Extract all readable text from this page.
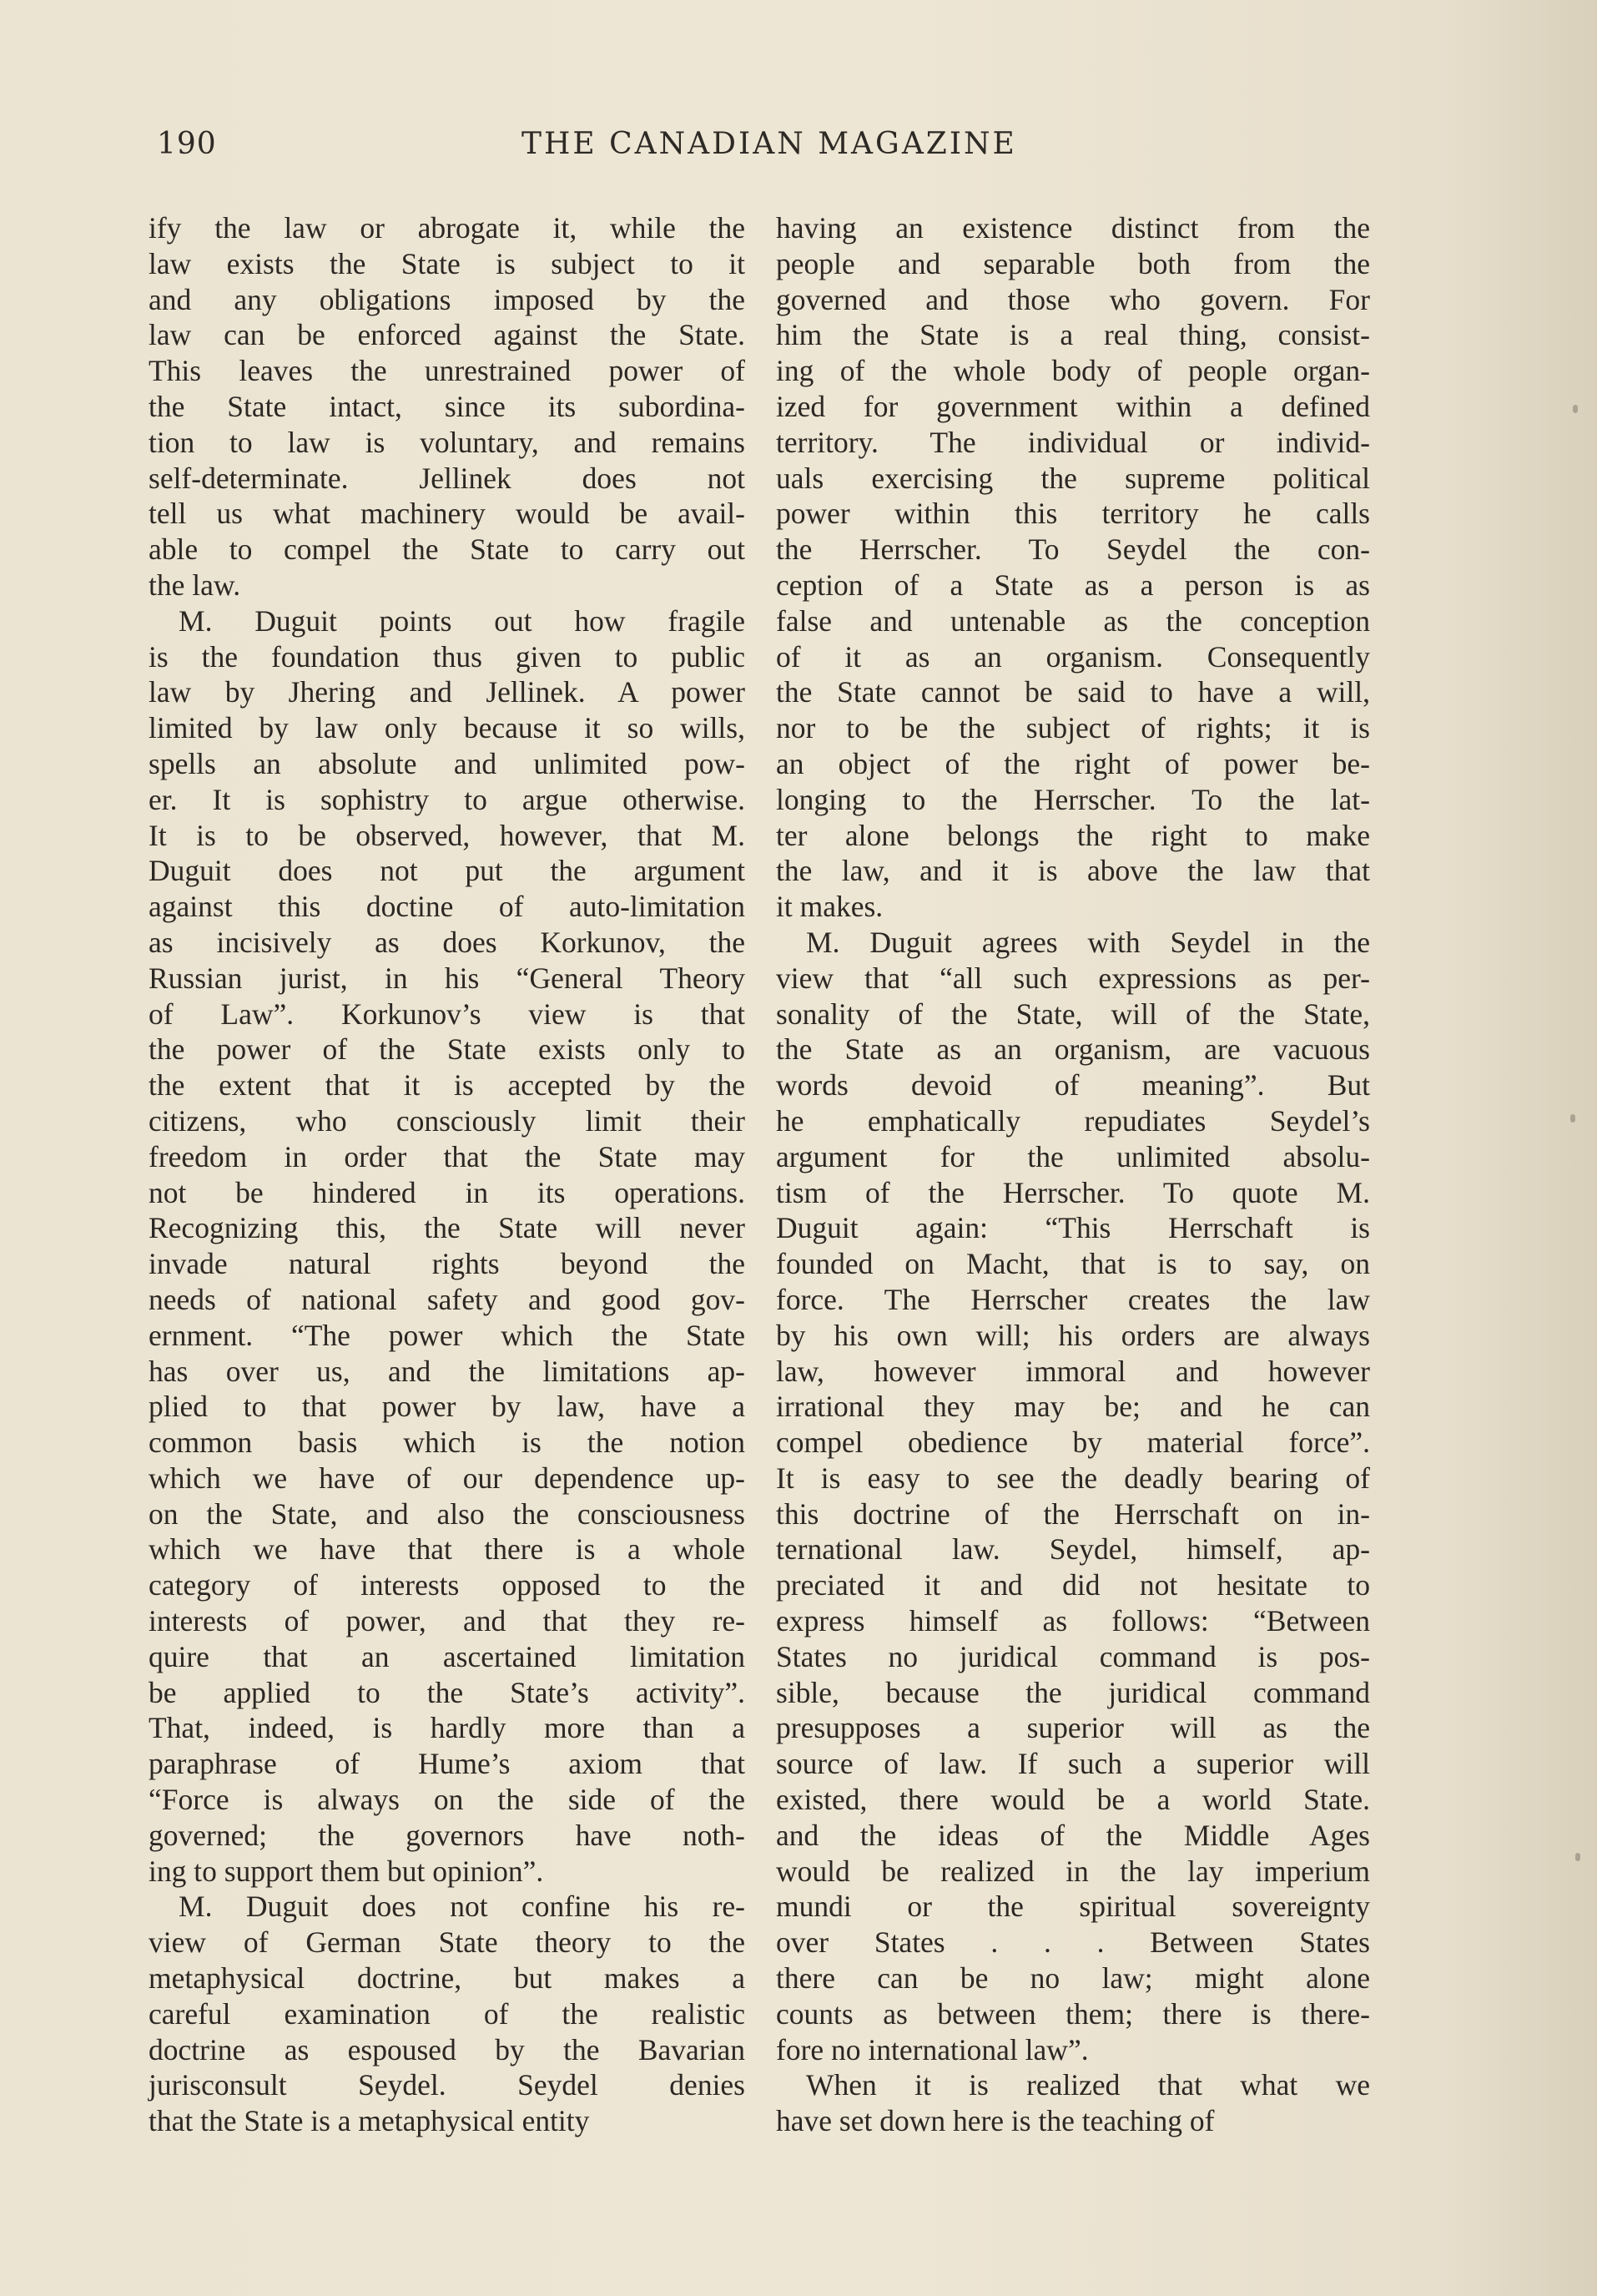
190	THE CANADIAN MAGAZINE
ify the law or abrogate it, while the
law exists the State is subject to it
and any obligations imposed by the
law can be enforced against the State.
This leaves the unrestrained power of
the State intact, since its subordina-
tion to law is voluntary, and remains
self-determinate. Jellinek does not
tell us what machinery would be avail-
able to compel the State to carry out
the law.
M. Duguit points out how fragile
is the foundation thus given to public
law by Jhering and Jellinek. A power
limited by law only because it so wills,
spells an absolute and unlimited pow-
er. It is sophistry to argue otherwise.
It is to be observed, however, that M.
Duguit does not put the argument
against this doctine of auto-limitation
as incisively as does Korkunov, the
Russian jurist, in his “General Theory
of Law”. Korkunov’s view is that
the power of the State exists only to
the extent that it is accepted by the
citizens, who consciously limit their
freedom in order that the State may
not be hindered in its operations.
Recognizing this, the State will never
invade natural rights beyond the
needs of national safety and good gov-
ernment. “The power which the State
has over us, and the limitations ap-
plied to that power by law, have a
common basis which is the notion
which we have of our dependence up-
on the State, and also the consciousness
which we have that there is a whole
category of interests opposed to the
interests of power, and that they re-
quire that an ascertained limitation
be applied to the State’s activity”.
That, indeed, is hardly more than a
paraphrase of Hume’s axiom that
“Force is always on the side of the
governed; the governors have noth-
ing to support them but opinion”.
M. Duguit does not confine his re-
view of German State theory to the
metaphysical doctrine, but makes a
careful examination of the realistic
doctrine as espoused by the Bavarian
jurisconsult Seydel. Seydel denies
that the State is a metaphysical entity
having an existence distinct from the
people and separable both from the
governed and those who govern. For
him the State is a real thing, consist-
ing of the whole body of people organ-
ized for government within a defined
territory. The individual or individ-
uals exercising the supreme political
power within this territory he calls
the Herrscher. To Seydel the con-
ception of a State as a person is as
false and untenable as the conception
of it as an organism. Consequently
the State cannot be said to have a will,
nor to be the subject of rights; it is
an object of the right of power be-
longing to the Herrscher. To the lat-
ter alone belongs the right to make
the law, and it is above the law that
it makes.
M. Duguit agrees with Seydel in the
view that “all such expressions as per-
sonality of the State, will of the State,
the State as an organism, are vacuous
words devoid of meaning”. But
he emphatically repudiates Seydel’s
argument for the unlimited absolu-
tism of the Herrscher. To quote M.
Duguit again: “This Herrschaft is
founded on Macht, that is to say, on
force. The Herrscher creates the law
by his own will; his orders are always
law, however immoral and however
irrational they may be; and he can
compel obedience by material force”.
It is easy to see the deadly bearing of
this doctrine of the Herrschaft on in-
ternational law. Seydel, himself, ap-
preciated it and did not hesitate to
express himself as follows: “Between
States no juridical command is pos-
sible, because the juridical command
presupposes a superior will as the
source of law. If such a superior will
existed, there would be a world State.
and the ideas of the Middle Ages
would be realized in the lay imperium
mundi or the spiritual sovereignty
over States . . . Between States
there can be no law; might alone
counts as between them; there is there-
fore no international law”.
When it is realized that what we
have set down here is the teaching of
